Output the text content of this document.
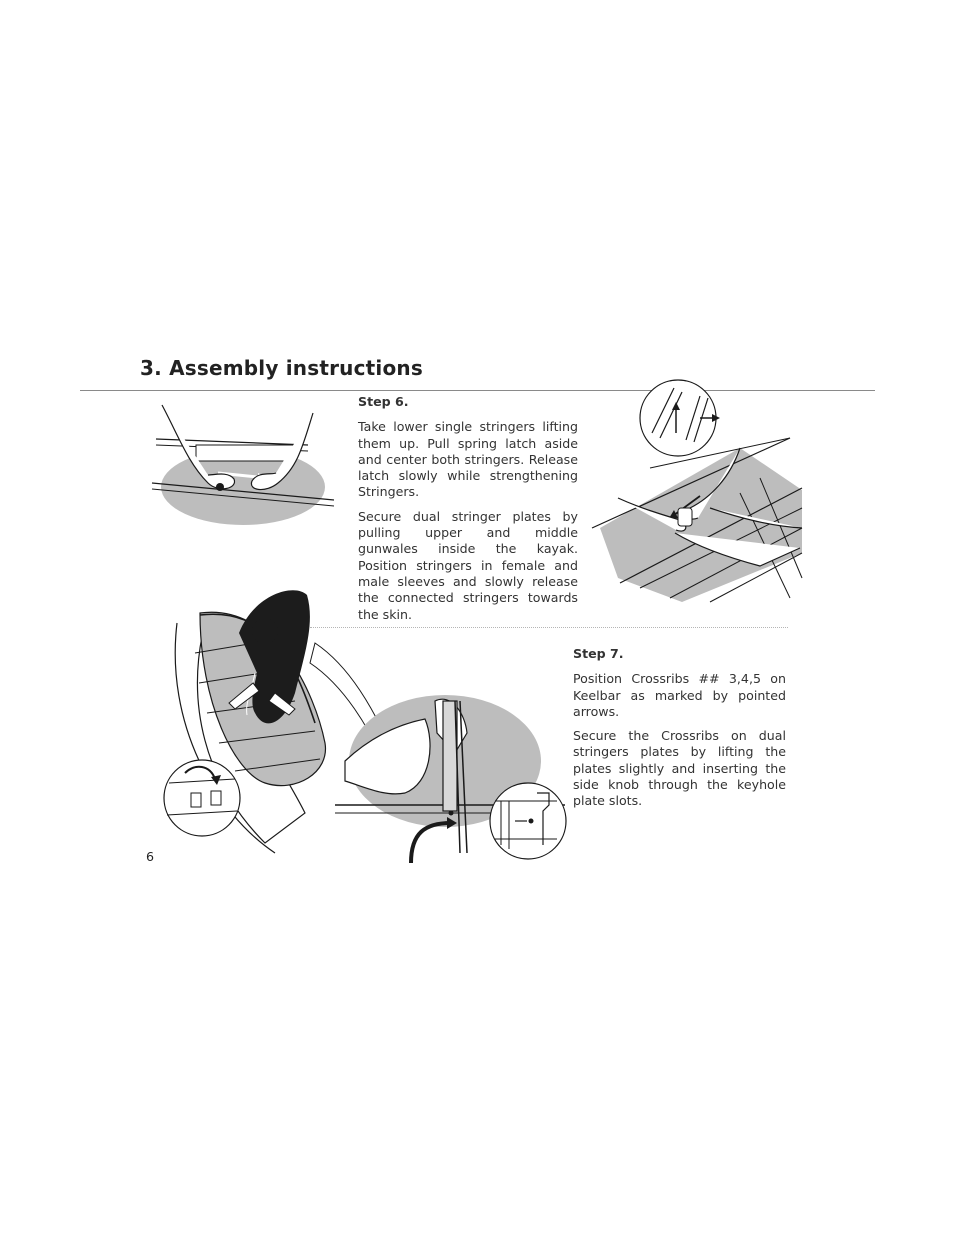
3. Assembly instructions
Step 6.

Take lower single stringers lifting them up. Pull spring latch aside and center both stringers. Release latch slowly while strengthening Stringers.

Secure dual stringer plates by pulling upper and middle gunwales inside the kayak. Position stringers in female and male sleeves and slowly release the connected stringers towards the skin.

Step 7.

Position Crossribs ## 3,4,5 on Keelbar as marked by pointed arrows.

Secure the Crossribs on dual stringers plates by lifting the plates slightly and inserting the side knob through the keyhole plate slots.

6
